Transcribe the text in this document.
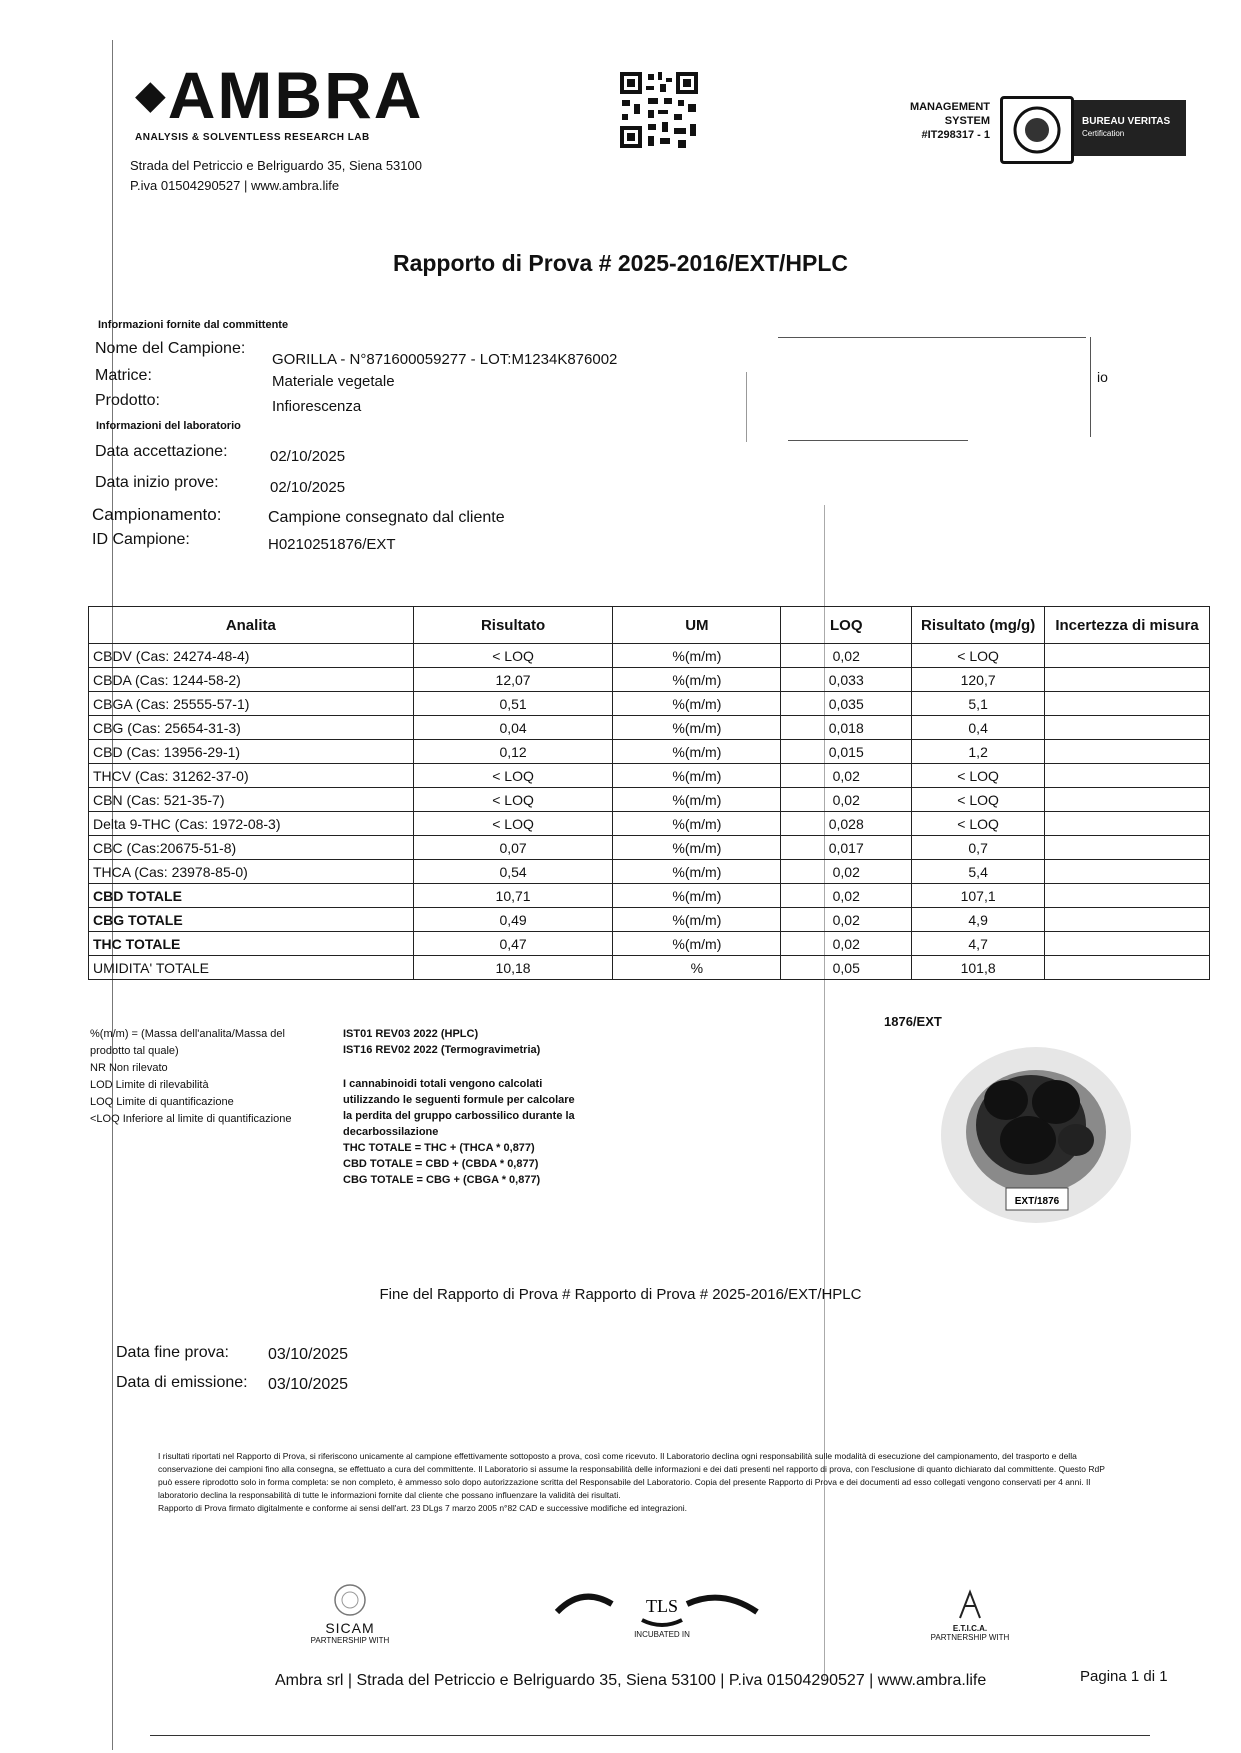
◆AMBRA
ANALYSIS & SOLVENTLESS RESEARCH LAB
Strada del Petriccio e Belriguardo 35, Siena 53100
P.iva 01504290527 | www.ambra.life
MANAGEMENT
SYSTEM
#IT298317 - 1
BUREAU VERITAS
Certification
Rapporto di Prova # 2025-2016/EXT/HPLC
Informazioni fornite dal committente
Nome del Campione:
GORILLA - N°871600059277 - LOT:M1234K876002
Matrice:	Materiale vegetale
Prodotto:	Infiorescenza
io
Informazioni del laboratorio
Data accettazione:	02/10/2025
Data inizio prove:	02/10/2025
Campionamento:	Campione consegnato dal cliente
ID Campione:	H0210251876/EXT
Analita	Risultato	UM	LOQ	Risultato (mg/g)	Incertezza di misura
CBDV (Cas: 24274-48-4)	< LOQ	%(m/m)	0,02	< LOQ	
CBDA (Cas: 1244-58-2)	12,07	%(m/m)	0,033	120,7	
CBGA (Cas: 25555-57-1)	0,51	%(m/m)	0,035	5,1	
CBG (Cas: 25654-31-3)	0,04	%(m/m)	0,018	0,4	
CBD (Cas: 13956-29-1)	0,12	%(m/m)	0,015	1,2	
THCV (Cas: 31262-37-0)	< LOQ	%(m/m)	0,02	< LOQ	
CBN (Cas: 521-35-7)	< LOQ	%(m/m)	0,02	< LOQ	
Delta 9-THC (Cas: 1972-08-3)	< LOQ	%(m/m)	0,028	< LOQ	
CBC (Cas:20675-51-8)	0,07	%(m/m)	0,017	0,7	
THCA (Cas: 23978-85-0)	0,54	%(m/m)	0,02	5,4	
CBD TOTALE	10,71	%(m/m)	0,02	107,1	
CBG TOTALE	0,49	%(m/m)	0,02	4,9	
THC TOTALE	0,47	%(m/m)	0,02	4,7	
UMIDITA' TOTALE	10,18	%	0,05	101,8	
%(m/m) = (Massa dell'analita/Massa del
prodotto tal quale)
NR Non rilevato
LOD Limite di rilevabilità
LOQ Limite di quantificazione
<LOQ Inferiore al limite di quantificazione
IST01 REV03 2022 (HPLC)
IST16 REV02 2022 (Termogravimetria)
I cannabinoidi totali vengono calcolati utilizzando le seguenti formule per calcolare la perdita del gruppo carbossilico durante la decarbossilazione
THC TOTALE = THC + (THCA * 0,877)
CBD TOTALE = CBD + (CBDA * 0,877)
CBG TOTALE = CBG + (CBGA * 0,877)
1876/EXT
EXT/1876
Fine del Rapporto di Prova # Rapporto di Prova # 2025-2016/EXT/HPLC
Data fine prova: 03/10/2025
Data di emissione: 03/10/2025
I risultati riportati nel Rapporto di Prova, si riferiscono unicamente al campione effettivamente sottoposto a prova, così come ricevuto. Il Laboratorio declina ogni responsabilità sulle modalità di esecuzione del campionamento, del trasporto e della conservazione dei campioni fino alla consegna, se effettuato a cura del committente. Il Laboratorio si assume la responsabilità delle informazioni e dei dati presenti nel rapporto di prova, con l'esclusione di quanto dichiarato dal committente. Questo RdP può essere riprodotto solo in forma completa: se non completo, è ammesso solo dopo autorizzazione scritta del Responsabile del Laboratorio. Copia del presente Rapporto di Prova e dei documenti ad esso collegati vengono conservati per 4 anni. Il laboratorio declina la responsabilità di tutte le informazioni fornite dal cliente che possano influenzare la validità dei risultati.
Rapporto di Prova firmato digitalmente e conforme ai sensi dell'art. 23 DLgs 7 marzo 2005 n°82 CAD e successive modifiche ed integrazioni.
SICAM
PARTNERSHIP WITH
TLS
INCUBATED IN
E.T.I.C.A.
PARTNERSHIP WITH
Ambra srl | Strada del Petriccio e Belriguardo 35, Siena 53100 | P.iva 01504290527 | www.ambra.life	Pagina 1 di 1
